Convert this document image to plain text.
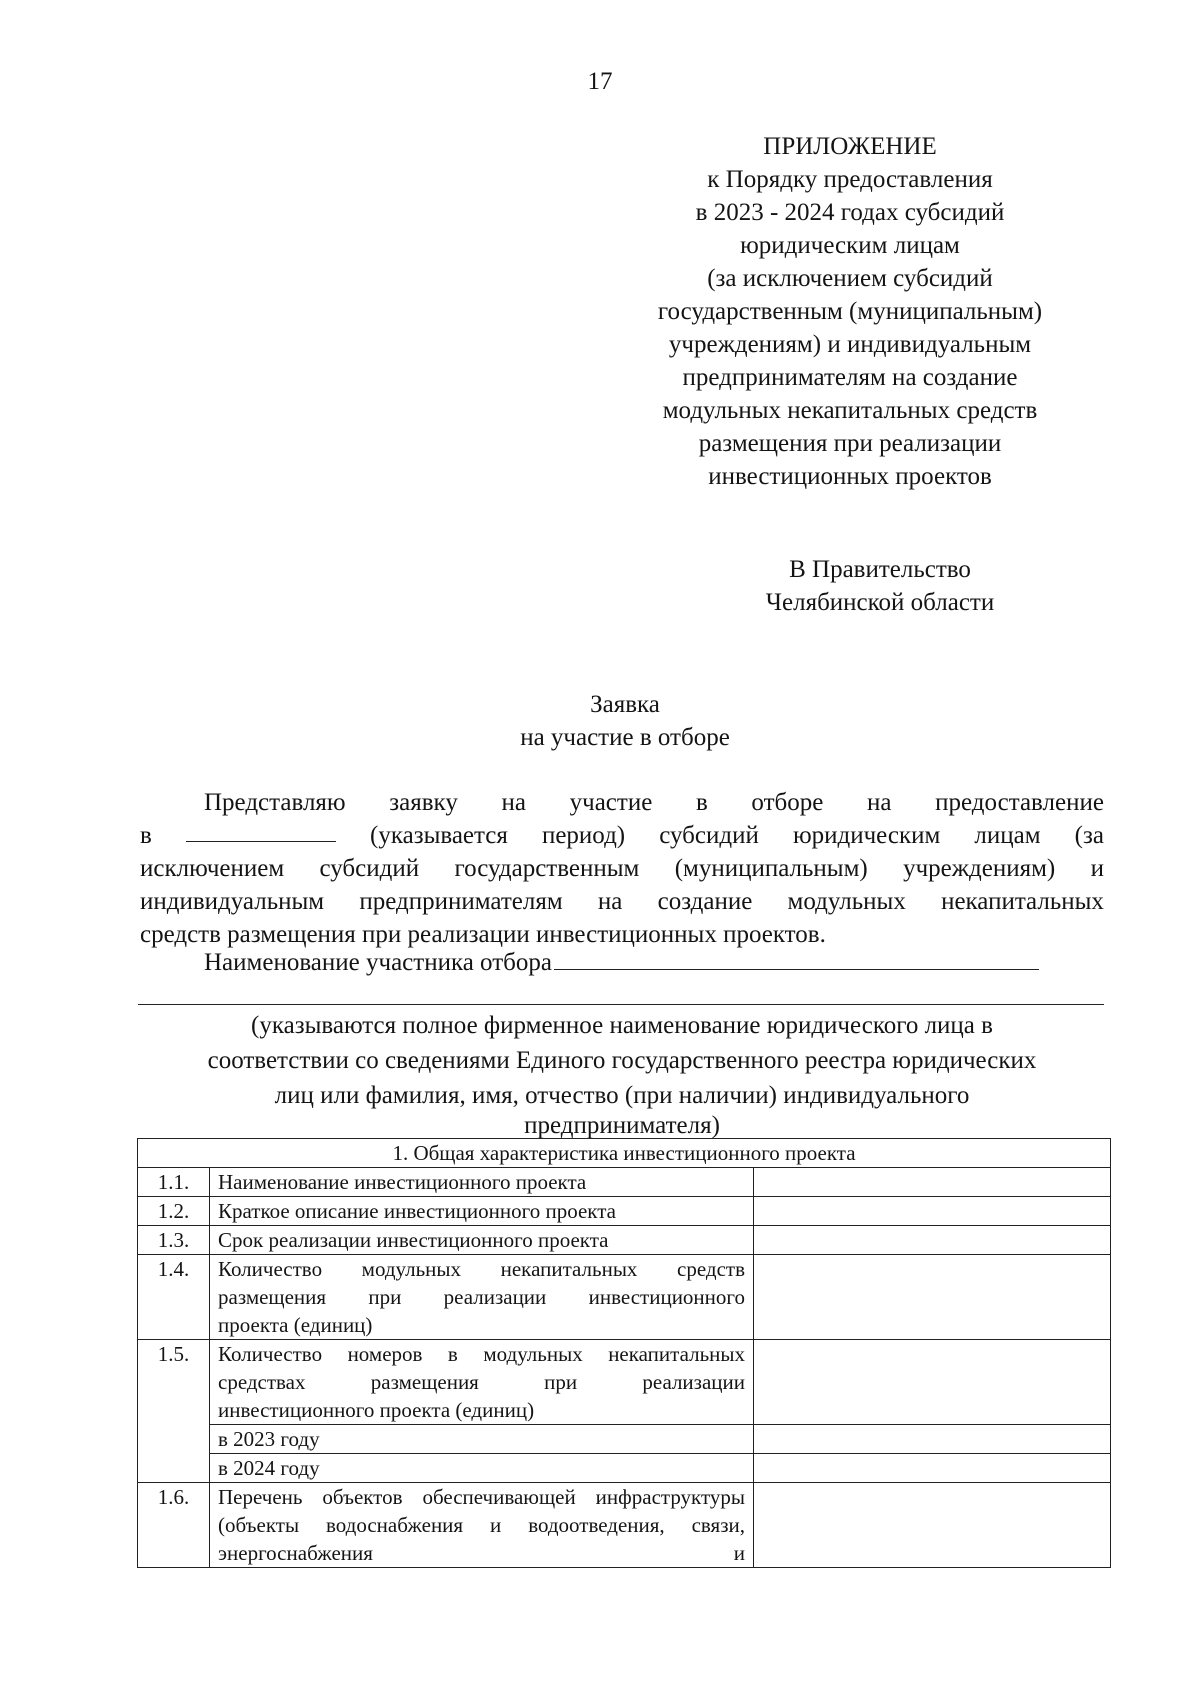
17
ПРИЛОЖЕНИЕ
к Порядку предоставления
в 2023 - 2024 годах субсидий
юридическим лицам
(за исключением субсидий
государственным (муниципальным)
учреждениям) и индивидуальным
предпринимателям на создание
модульных некапитальных средств
размещения при реализации
инвестиционных проектов
В Правительство
Челябинской области
Заявка
на участие в отборе
Представляю заявку на участие в отборе на предоставление
в	(указывается период) субсидий юридическим лицам (за
исключением субсидий государственным (муниципальным) учреждениям) и
индивидуальным предпринимателям на создание модульных некапитальных
средств размещения при реализации инвестиционных проектов.
Наименование участника отбора
(указываются полное фирменное наименование юридического лица в
соответствии со сведениями Единого государственного реестра юридических
лиц или фамилия, имя, отчество (при наличии) индивидуального
предпринимателя)
1. Общая характеристика инвестиционного проекта		
1.1.	Наименование инвестиционного проекта	
1.2.	Краткое описание инвестиционного проекта	
1.3.	Срок реализации инвестиционного проекта	
1.4.	Количество модульных некапитальных средств размещения при реализации инвестиционного
проекта (единиц)	

1.5.	Количество номеров в модульных некапитальных средствах размещения при реализации
инвестиционного проекта (единиц)	

	в 2023 году	
	в 2024 году	
1.6.	Перечень объектов обеспечивающей инфраструктуры (объекты водоснабжения и водоотведения, связи, энергоснабжения и	
